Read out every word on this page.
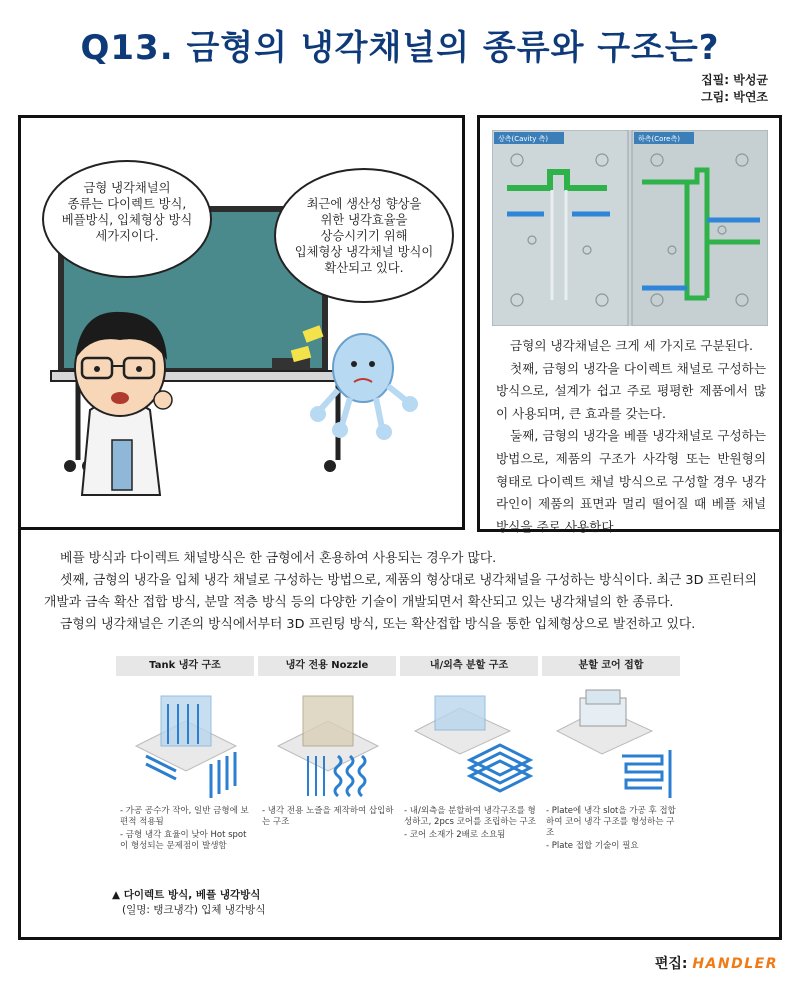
Q13. 금형의 냉각채널의 종류와 구조는?
집필: 박성균
그림: 박연조
금형 냉각채널의
종류는 다이렉트 방식,
베플방식, 입체형상 방식
세가지이다.
최근에 생산성 향상을
위한 냉각효율을
상승시키기 위해
입체형상 냉각채널 방식이
확산되고 있다.
상측(Cavity 측)	하측(Core측)

금형의 냉각채널은 크게 세 가지로 구분된다.

첫째, 금형의 냉각을 다이렉트 채널로 구성하는 방식으로, 설계가 쉽고 주로 평평한 제품에서 많이 사용되며, 큰 효과를 갖는다.

둘째, 금형의 냉각을 베플 냉각채널로 구성하는 방법으로, 제품의 구조가 사각형 또는 반원형의 형태로 다이렉트 채널 방식으로 구성할 경우 냉각라인이 제품의 표면과 멀리 떨어질 때 베플 채널 방식을 주로 사용한다.

베플 방식과 다이렉트 채널방식은 한 금형에서 혼용하여 사용되는 경우가 많다.

셋째, 금형의 냉각을 입체 냉각 채널로 구성하는 방법으로, 제품의 형상대로 냉각채널을 구성하는 방식이다. 최근 3D 프린터의 개발과 금속 확산 접합 방식, 분말 적층 방식 등의 다양한 기술이 개발되면서 확산되고 있는 냉각채널의 한 종류다.

금형의 냉각채널은 기존의 방식에서부터 3D 프린팅 방식, 또는 확산접합 방식을 통한 입체형상으로 발전하고 있다.

Tank 냉각 구조
- 가공 공수가 작아, 일반 금형에 보편적 적용됨
- 금형 냉각 효율이 낮아 Hot spot이 형성되는 문제점이 발생함
냉각 전용 Nozzle
- 냉각 전용 노즐을 제작하여 삽입하는 구조
내/외측 분할 구조
- 내/외측을 분할하여 냉각구조를 형성하고, 2pcs 코어를 조립하는 구조
- 코어 소재가 2배로 소요됨
분할 코어 접합
- Plate에 냉각 slot을 가공 후 접합하여 코어 냉각 구조를 형성하는 구조
- Plate 접합 기술이 필요
▲ 다이렉트 방식, 베플 냉각방식
(일명: 탱크냉각) 입체 냉각방식
편집: HANDLER
